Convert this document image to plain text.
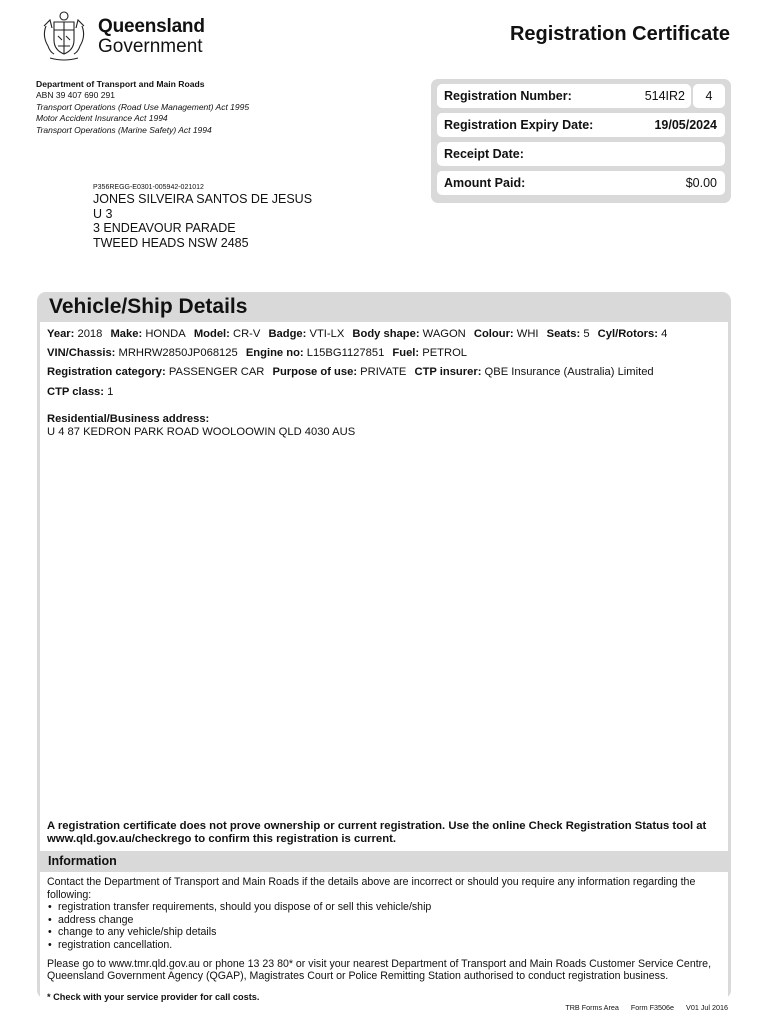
Queensland
Government
Registration Certificate
Department of Transport and Main Roads
ABN 39 407 690 291
Transport Operations (Road Use Management) Act 1995
Motor Accident Insurance Act 1994
Transport Operations (Marine Safety) Act 1994
Registration Number:	514IR2	4
Registration Expiry Date:	19/05/2024
Receipt Date:
Amount Paid:	$0.00
P356REGG-E0301-005942-021012
JONES SILVEIRA SANTOS DE JESUS
U 3
3 ENDEAVOUR PARADE
TWEED HEADS NSW 2485
Vehicle/Ship Details
Year: 2018 Make: HONDA Model: CR-V Badge: VTI-LX Body shape: WAGON Colour: WHI Seats: 5 Cyl/Rotors: 4
VIN/Chassis: MRHRW2850JP068125 Engine no: L15BG1127851 Fuel: PETROL
Registration category: PASSENGER CAR Purpose of use: PRIVATE CTP insurer: QBE Insurance (Australia) Limited
CTP class: 1
Residential/Business address:
U 4 87 KEDRON PARK ROAD WOOLOOWIN QLD 4030 AUS
A registration certificate does not prove ownership or current registration. Use the online Check Registration Status tool at www.qld.gov.au/checkrego to confirm this registration is current.
Information
Contact the Department of Transport and Main Roads if the details above are incorrect or should you require any information regarding the following:
• registration transfer requirements, should you dispose of or sell this vehicle/ship
• address change
• change to any vehicle/ship details
• registration cancellation.
Please go to www.tmr.qld.gov.au or phone 13 23 80* or visit your nearest Department of Transport and Main Roads Customer Service Centre, Queensland Government Agency (QGAP), Magistrates Court or Police Remitting Station authorised to conduct registration business.
* Check with your service provider for call costs.
TRB Forms Area Form F3506e V01 Jul 2016
